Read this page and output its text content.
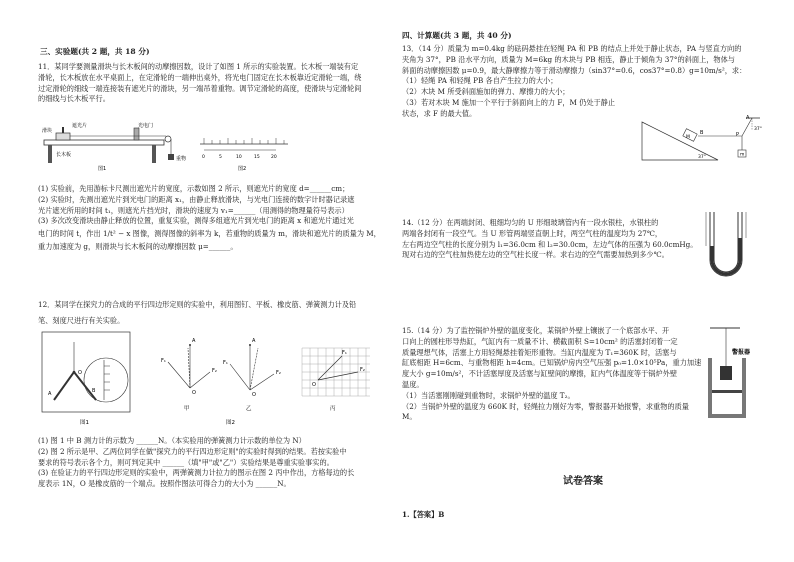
三、实验题(共 2 题，共 18 分)

11．某同学要测量滑块与长木板间的动摩擦因数，设计了如图 1 所示的实验装置。长木板一端装有定

滑轮，长木板放在水平桌面上，在定滑轮的一端伸出桌外，将光电门固定在长木板靠近定滑轮一端，绕

过定滑轮的细线一端连接装有遮光片的滑块，另一端吊着重物。调节定滑轮的高度，使滑块与定滑轮间

的细线与长木板平行。

遮光片	光电门
滑块
长木板
重物
图1
0	5	10	15	20
图2

(1) 实验前，先用游标卡尺测出遮光片的宽度，示数如图 2 所示，则遮光片的宽度 d=______cm；

(2) 实验时，先测出遮光片到光电门的距离 x₁，由静止释放滑块，与光电门连接的数字计时器记录遮

光片遮光所用的时间 t₁，则遮光片挡光时，滑块的速度为 v₁=______（用测得的物理量符号表示）

(3) 多次改变滑块由静止释放的位置，重复实验，测得多组遮光片到光电门的距离 x 和遮光片通过光

电门的时间 t，作出 1/t² − x 图像，测得图像的斜率为 k，若重物的质量为 m，滑块和遮光片的质量为 M，

重力加速度为 g，则滑块与长木板间的动摩擦因数 μ=______。

12．某同学在探究力的合成的平行四边形定则的实验中，利用图钉、平板、橡皮筋、弹簧测力计及铅

笔、刻度尺进行有关实验。

A	B
O
图1
A
F₁
F₂
O
甲
A
F₁
F₂
O
乙
图2
O
F₁
F₂
丙

(1) 图 1 中 B 测力计的示数为 ______N。（本实验用的弹簧测力计示数的单位为 N）

(2) 图 2 所示是甲、乙两位同学在做"探究力的平行四边形定则"的实验时得到的结果。若按实验中

要求的符号表示各个力，则可判定其中 ______（填"甲"或"乙"）实验结果是尊重实验事实的。

(3) 在验证力的平行四边形定则的实验中，两弹簧测力计拉力的图示在图 2 丙中作出，方格每边的长

度表示 1N，O 是橡皮筋的一个端点。按照作图法可得合力的大小为 ______N。

四、计算题(共 3 题，共 40 分)

13．（14 分）质量为 m=0.4kg 的砝码悬挂在轻绳 PA 和 PB 的结点上并处于静止状态，PA 与竖直方向的

夹角为 37°，PB 沿水平方向，质量为 M=6kg 的木块与 PB 相连，静止于倾角为 37°的斜面上，物体与

斜面的动摩擦因数 μ=0.9，最大静摩擦力等于滑动摩擦力（sin37°=0.6，cos37°=0.8）g=10m/s²，求：

（1）轻绳 PA 和轻绳 PB 各自产生拉力的大小；

（2）木块 M 所受斜面施加的弹力、摩擦力的大小；

（3）若对木块 M 施加一个平行于斜面向上的力 F，M 仍处于静止

状态，求 F 的最大值。

37°
A
m
P
M
B
37°

14.（12 分）在两端封闭、粗细均匀的 U 形细玻璃管内有一段水银柱，水银柱的

两端各封闭有一段空气。当 U 形管两端竖直朝上时，两空气柱的温度均为 27℃，

左右两边空气柱的长度分别为 l₁=36.0cm 和 l₂=30.0cm，左边气体的压强为 60.0cmHg。

现对右边的空气柱加热使左边的空气柱长度一样。求右边的空气需要加热到多少℃。

15.（14 分）为了监控锅炉外壁的温度变化，某锅炉外壁上镶嵌了一个底部水平、开

口向上的圆柱形导热缸，气缸内有一质量不计、横截面积 S=10cm² 的活塞封闭着一定

质量理想气体，活塞上方用轻绳悬挂着矩形重物。当缸内温度为 T₁=360K 时，活塞与

缸底相距 H=6cm、与重物相距 h=4cm。已知锅炉房内空气压强 p₀=1.0×10⁵Pa，重力加速

度大小 g=10m/s²，不计活塞厚度及活塞与缸壁间的摩擦，缸内气体温度等于锅炉外壁

温度。

（1）当活塞刚刚碰到重物时，求锅炉外壁的温度 T₂。

（2）当锅炉外壁的温度为 660K 时，轻绳拉力刚好为零，警报器开始报警，求重物的质量 M。

警报器
试卷答案
1.【答案】B
